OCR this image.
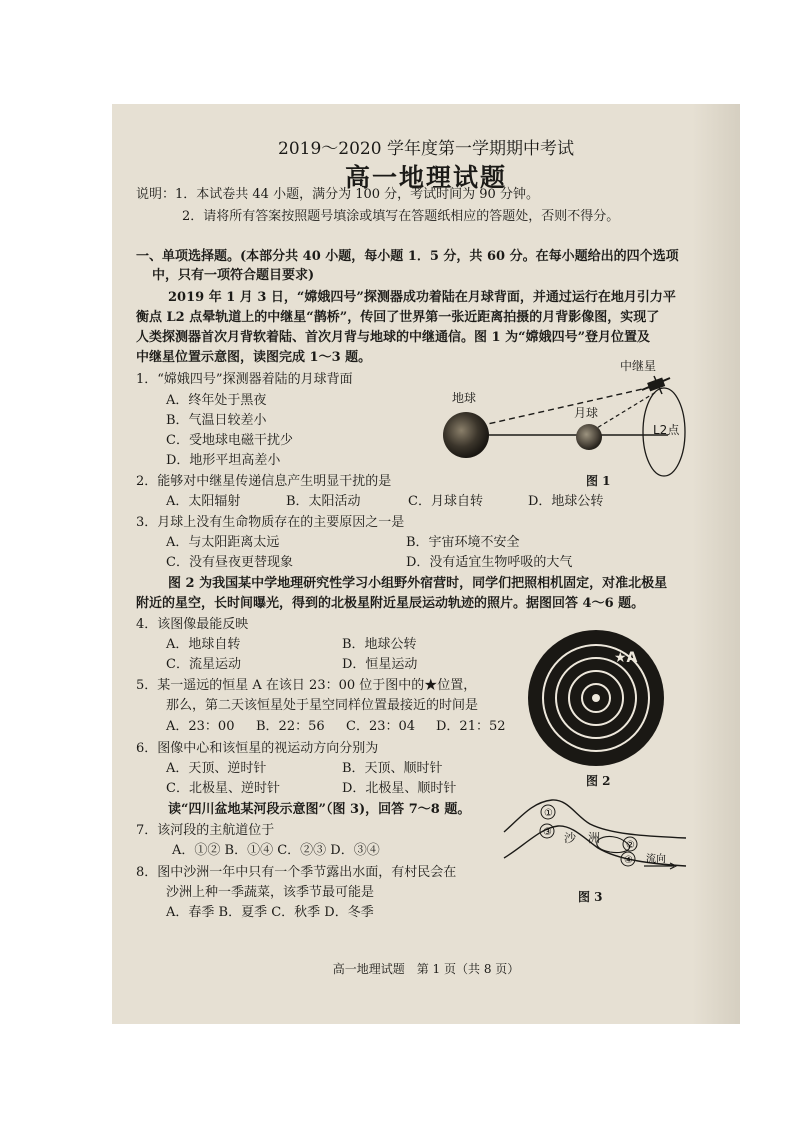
2019～2020 学年度第一学期期中考试
高一地理试题
说明：1．本试卷共 44 小题，满分为 100 分，考试时间为 90 分钟。
2．请将所有答案按照题号填涂或填写在答题纸相应的答题处，否则不得分。
一、单项选择题。(本部分共 40 小题，每小题 1．5 分，共 60 分。在每小题给出的四个选项
中，只有一项符合题目要求)
2019 年 1 月 3 日，“嫦娥四号”探测器成功着陆在月球背面，并通过运行在地月引力平
衡点 L2 点晕轨道上的中继星“鹊桥”，传回了世界第一张近距离拍摄的月背影像图，实现了
人类探测器首次月背软着陆、首次月背与地球的中继通信。图 1 为“嫦娥四号”登月位置及
中继星位置示意图，读图完成 1～3 题。
1．“嫦娥四号”探测器着陆的月球背面
A．终年处于黑夜
B．气温日较差小
C．受地球电磁干扰少
D．地形平坦高差小
中继星
地球
月球
L2点
图 1
2．能够对中继星传递信息产生明显干扰的是
A．太阳辐射	B．太阳活动	C．月球自转	D．地球公转
3．月球上没有生命物质存在的主要原因之一是
A．与太阳距离太远	B．宇宙环境不安全
C．没有昼夜更替现象	D．没有适宜生物呼吸的大气
图 2 为我国某中学地理研究性学习小组野外宿营时，同学们把照相机固定，对准北极星
附近的星空，长时间曝光，得到的北极星附近星辰运动轨迹的照片。据图回答 4～6 题。
4．该图像最能反映
A．地球自转	B．地球公转
C．流星运动	D．恒星运动
5．某一遥远的恒星 A 在该日 23：00 位于图中的★位置，
那么，第二天该恒星处于星空同样位置最接近的时间是
A．23：00 B．22：56 C．23：04 D．21：52
6．图像中心和该恒星的视运动方向分别为
A．天顶、逆时针	B．天顶、顺时针
C．北极星、逆时针	D．北极星、顺时针
★A
图 2
读“四川盆地某河段示意图”（图 3)，回答 7～8 题。
7．该河段的主航道位于
A．①② B．①④ C．②③ D．③④
8．图中沙洲一年中只有一个季节露出水面，有村民会在
沙洲上种一季蔬菜，该季节最可能是
A．春季 B．夏季 C．秋季 D．冬季
①
③
②
④
沙　洲
流向
图 3
高一地理试题　第 1 页（共 8 页）
